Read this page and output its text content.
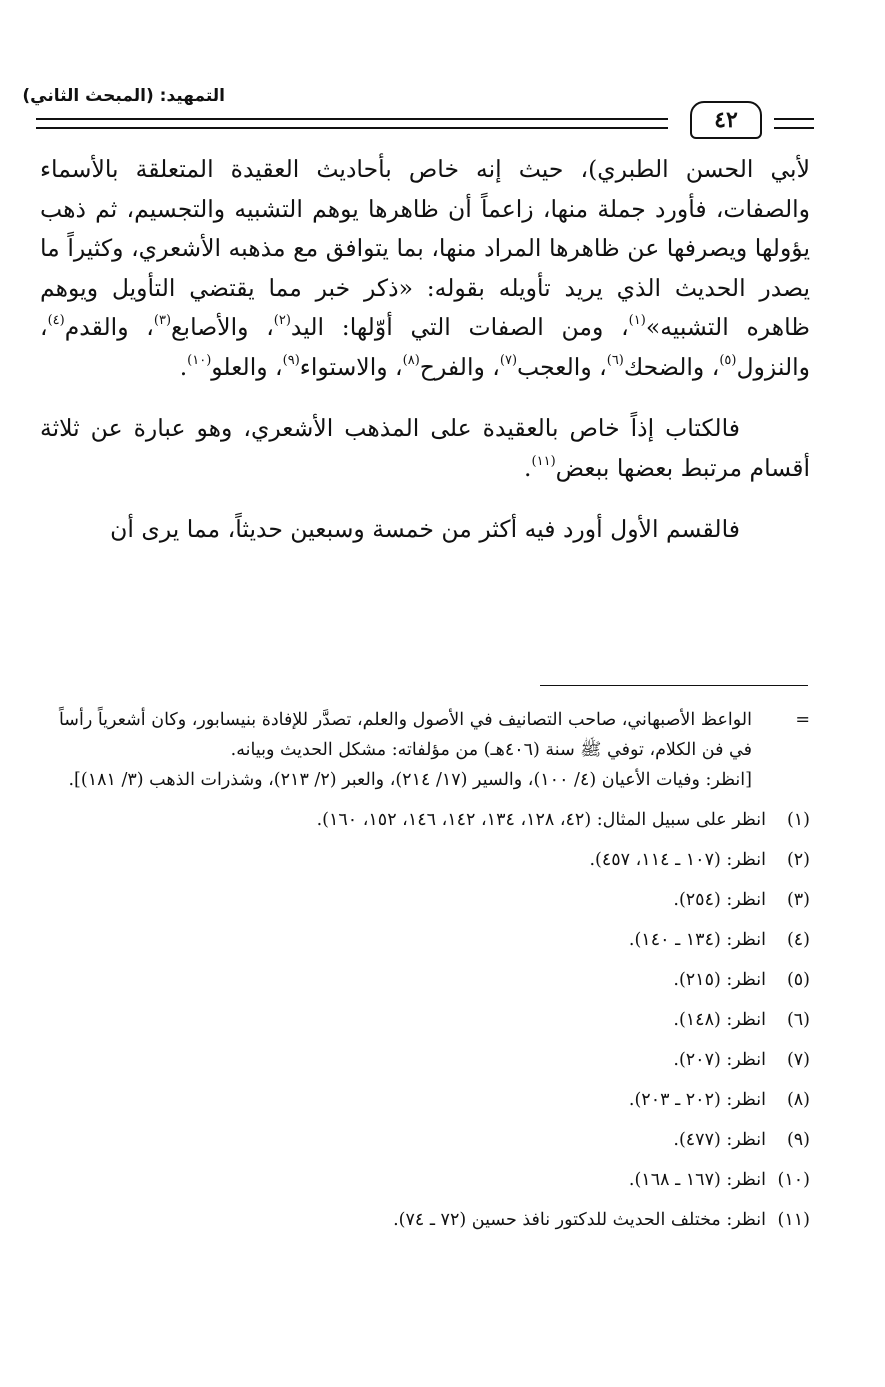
التمهيد: (المبحث الثاني)
٤٢

لأبي الحسن الطبري)، حيث إنه خاص بأحاديث العقيدة المتعلقة بالأسماء والصفات، فأورد جملة منها، زاعماً أن ظاهرها يوهم التشبيه والتجسيم، ثم ذهب يؤولها ويصرفها عن ظاهرها المراد منها، بما يتوافق مع مذهبه الأشعري، وكثيراً ما يصدر الحديث الذي يريد تأويله بقوله: «ذكر خبر مما يقتضي التأويل ويوهم ظاهره التشبيه»$^{(١)}$، ومن الصفات التي أوّلها: اليد$^{(٢)}$، والأصابع$^{(٣)}$، والقدم$^{(٤)}$، والنزول$^{(٥)}$، والضحك$^{(٦)}$، والعجب$^{(٧)}$، والفرح$^{(٨)}$، والاستواء$^{(٩)}$، والعلو$^{(١٠)}$.

فالكتاب إذاً خاص بالعقيدة على المذهب الأشعري، وهو عبارة عن ثلاثة أقسام مرتبط بعضها ببعض$^{(١١)}$.

فالقسم الأول أورد فيه أكثر من خمسة وسبعين حديثاً، مما يرى أن

=
الواعظ الأصبهاني، صاحب التصانيف في الأصول والعلم، تصدَّر للإفادة بنيسابور، وكان أشعرياً رأساً في فن الكلام، توفي ﷺ سنة (٤٠٦هـ) من مؤلفاته: مشكل الحديث وبيانه.
[انظر: وفيات الأعيان (٤/ ١٠٠)، والسير (١٧/ ٢١٤)، والعبر (٢/ ٢١٣)، وشذرات الذهب (٣/ ١٨١)].
(١)
انظر على سبيل المثال: (٤٢، ١٢٨، ١٣٤، ١٤٢، ١٤٦، ١٥٢، ١٦٠).
(٢)
انظر: (١٠٧ ـ ١١٤، ٤٥٧).
(٣)
انظر: (٢٥٤).
(٤)
انظر: (١٣٤ ـ ١٤٠).
(٥)
انظر: (٢١٥).
(٦)
انظر: (١٤٨).
(٧)
انظر: (٢٠٧).
(٨)
انظر: (٢٠٢ ـ ٢٠٣).
(٩)
انظر: (٤٧٧).
(١٠)
انظر: (١٦٧ ـ ١٦٨).
(١١)
انظر: مختلف الحديث للدكتور نافذ حسين (٧٢ ـ ٧٤).
